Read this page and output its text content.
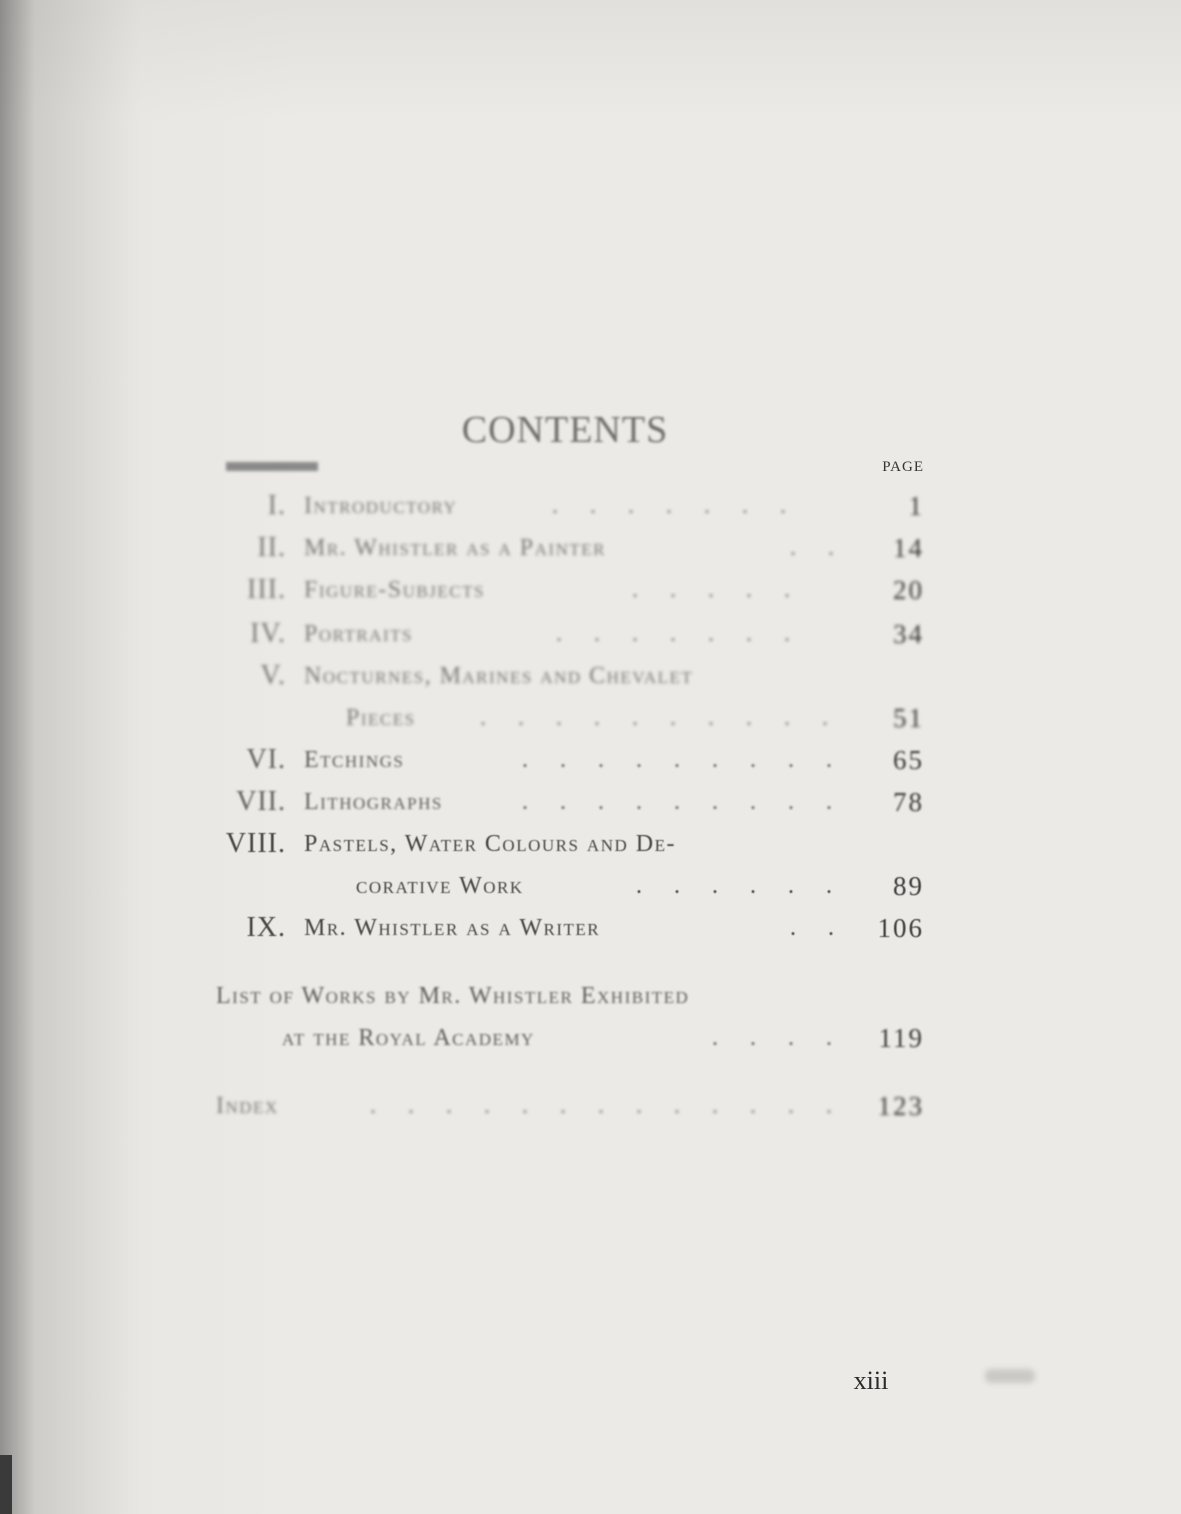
CONTENTS
PAGE
I. Introductory	. . . . . . .	1
II. Mr. Whistler as a Painter	. .	14
III. Figure-Subjects	. . . . .	20
IV. Portraits	. . . . . . .	34
V. Nocturnes, Marines and Chevalet
Pieces	. . . . . . . . . .	51
VI. Etchings	. . . . . . . . .	65
VII. Lithographs	. . . . . . . . .	78
VIII. Pastels, Water Colours and De-
corative Work	. . . . . .	89
IX. Mr. Whistler as a Writer	. .	106
List of Works by Mr. Whistler Exhibited
at the Royal Academy	. . . .	119
Index	. . . . . . . . . . . . .	123
xiii
